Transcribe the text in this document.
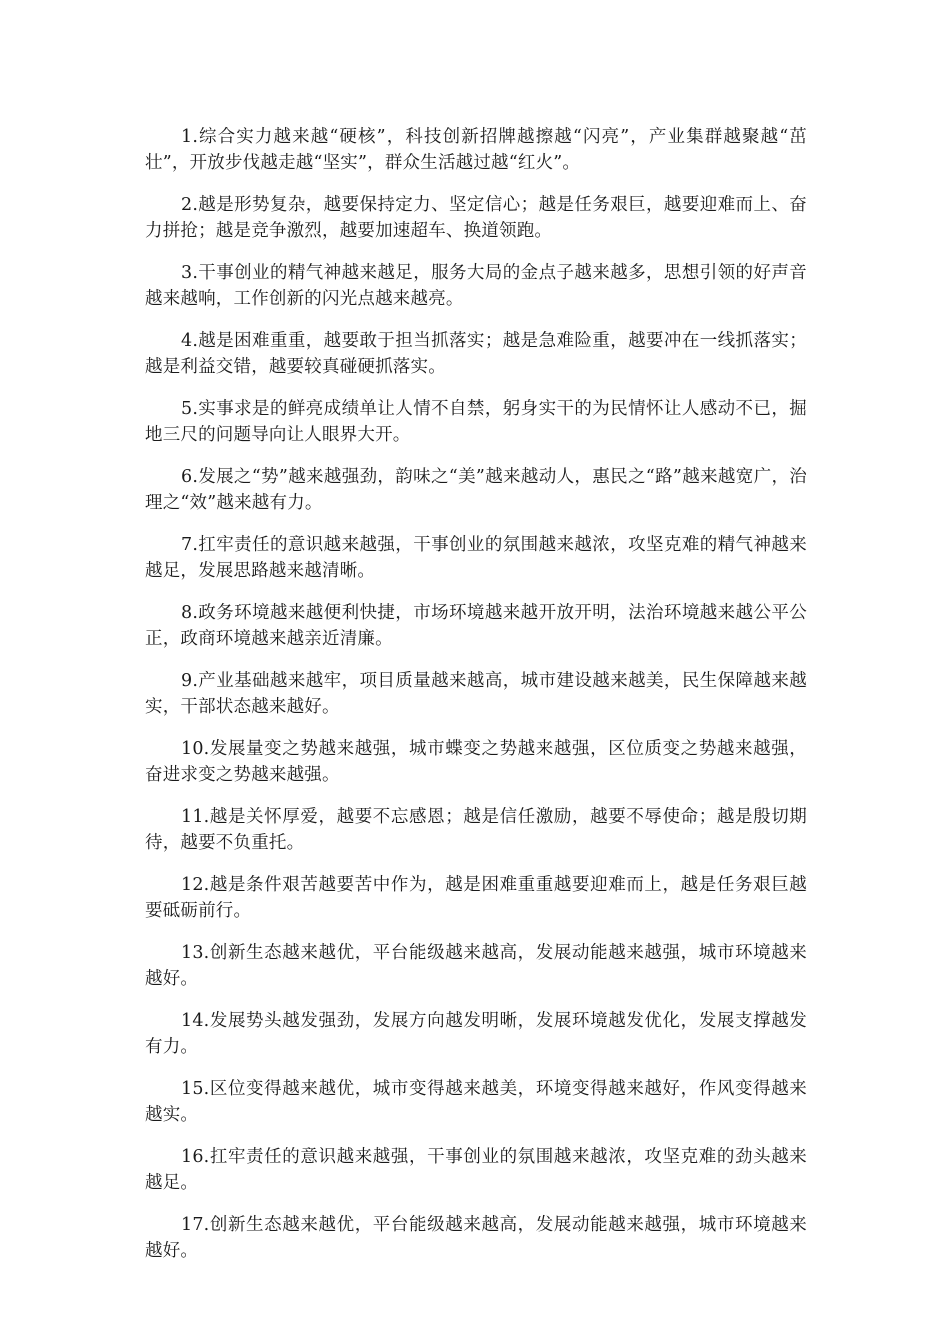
1.综合实力越来越“硬核”，科技创新招牌越擦越“闪亮”，产业集群越聚越“茁壮”，开放步伐越走越“坚实”，群众生活越过越“红火”。

2.越是形势复杂，越要保持定力、坚定信心；越是任务艰巨，越要迎难而上、奋力拼抢；越是竞争激烈，越要加速超车、换道领跑。

3.干事创业的精气神越来越足，服务大局的金点子越来越多，思想引领的好声音越来越响，工作创新的闪光点越来越亮。

4.越是困难重重，越要敢于担当抓落实；越是急难险重，越要冲在一线抓落实；越是利益交错，越要较真碰硬抓落实。

5.实事求是的鲜亮成绩单让人情不自禁，躬身实干的为民情怀让人感动不已，掘地三尺的问题导向让人眼界大开。

6.发展之“势”越来越强劲，韵味之“美”越来越动人，惠民之“路”越来越宽广，治理之“效”越来越有力。

7.扛牢责任的意识越来越强，干事创业的氛围越来越浓，攻坚克难的精气神越来越足，发展思路越来越清晰。

8.政务环境越来越便利快捷，市场环境越来越开放开明，法治环境越来越公平公正，政商环境越来越亲近清廉。

9.产业基础越来越牢，项目质量越来越高，城市建设越来越美，民生保障越来越实，干部状态越来越好。

10.发展量变之势越来越强，城市蝶变之势越来越强，区位质变之势越来越强，奋进求变之势越来越强。

11.越是关怀厚爱，越要不忘感恩；越是信任激励，越要不辱使命；越是殷切期待，越要不负重托。

12.越是条件艰苦越要苦中作为，越是困难重重越要迎难而上，越是任务艰巨越要砥砺前行。

13.创新生态越来越优，平台能级越来越高，发展动能越来越强，城市环境越来越好。

14.发展势头越发强劲，发展方向越发明晰，发展环境越发优化，发展支撑越发有力。

15.区位变得越来越优，城市变得越来越美，环境变得越来越好，作风变得越来越实。

16.扛牢责任的意识越来越强，干事创业的氛围越来越浓，攻坚克难的劲头越来越足。

17.创新生态越来越优，平台能级越来越高，发展动能越来越强，城市环境越来越好。
